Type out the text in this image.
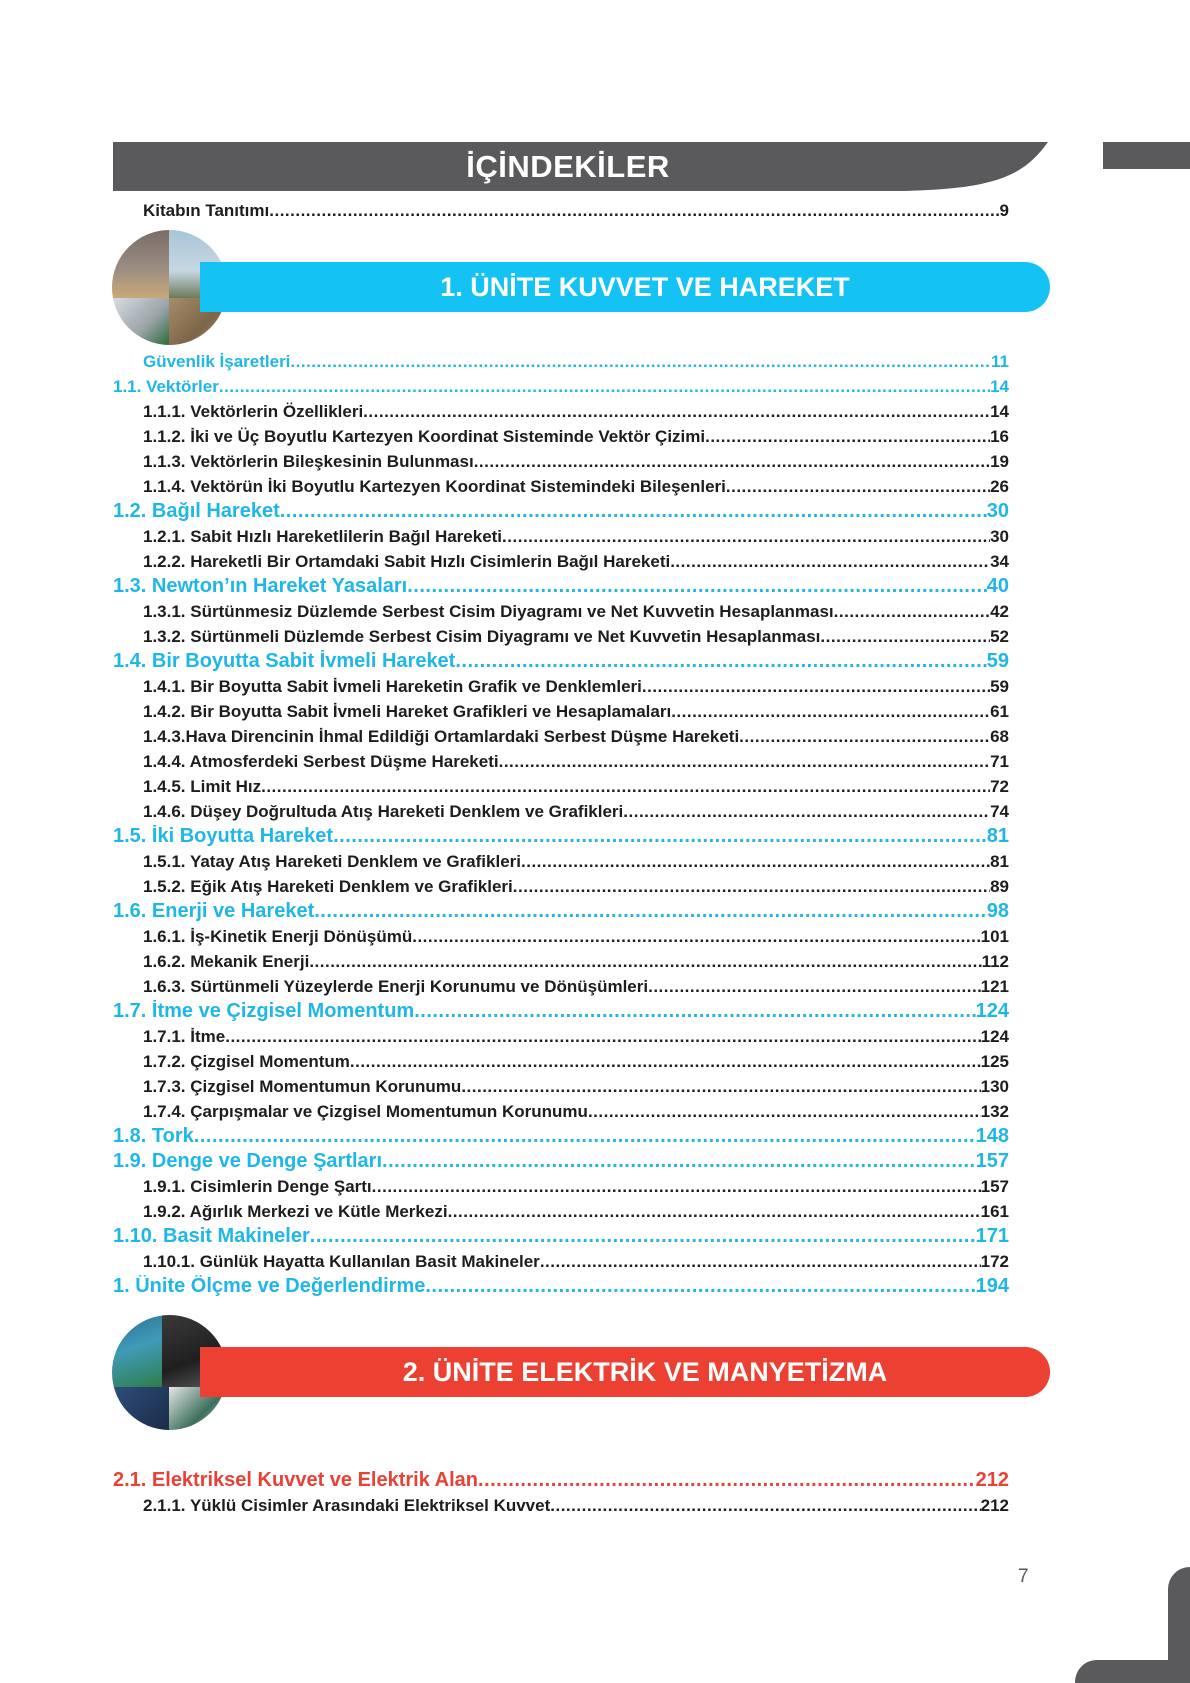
İÇİNDEKİLER
Kitabın Tanıtımı .....	9
1. ÜNİTE KUVVET VE HAREKET
Güvenlik İşaretleri .....	11
1.1. Vektörler .....	14
1.1.1. Vektörlerin Özellikleri .....	14
1.1.2. İki ve Üç Boyutlu Kartezyen Koordinat Sisteminde Vektör Çizimi .....	16
1.1.3. Vektörlerin Bileşkesinin Bulunması .....	19
1.1.4. Vektörün İki Boyutlu Kartezyen Koordinat Sistemindeki Bileşenleri .....	26
1.2. Bağıl Hareket .....	30
1.2.1. Sabit Hızlı Hareketlilerin Bağıl Hareketi .....	30
1.2.2. Hareketli Bir Ortamdaki Sabit Hızlı Cisimlerin Bağıl Hareketi .....	34
1.3. Newton’ın Hareket Yasaları .....	40
1.3.1. Sürtünmesiz Düzlemde Serbest Cisim Diyagramı ve Net Kuvvetin Hesaplanması .....	42
1.3.2. Sürtünmeli Düzlemde Serbest Cisim Diyagramı ve Net Kuvvetin Hesaplanması .....	52
1.4. Bir Boyutta Sabit İvmeli Hareket .....	59
1.4.1. Bir Boyutta Sabit İvmeli Hareketin Grafik ve Denklemleri .....	59
1.4.2. Bir Boyutta Sabit İvmeli Hareket Grafikleri ve Hesaplamaları .....	61
1.4.3.Hava Direncinin İhmal Edildiği Ortamlardaki Serbest Düşme Hareketi .....	68
1.4.4. Atmosferdeki Serbest Düşme Hareketi .....	71
1.4.5. Limit Hız .....	72
1.4.6. Düşey Doğrultuda Atış Hareketi Denklem ve Grafikleri .....	74
1.5. İki Boyutta Hareket .....	81
1.5.1. Yatay Atış Hareketi Denklem ve Grafikleri .....	81
1.5.2. Eğik Atış Hareketi Denklem ve Grafikleri .....	89
1.6. Enerji ve Hareket .....	98
1.6.1. İş-Kinetik Enerji Dönüşümü .....	101
1.6.2. Mekanik Enerji .....	112
1.6.3. Sürtünmeli Yüzeylerde Enerji Korunumu ve Dönüşümleri .....	121
1.7. İtme ve Çizgisel Momentum .....	124
1.7.1. İtme .....	124
1.7.2. Çizgisel Momentum .....	125
1.7.3. Çizgisel Momentumun Korunumu .....	130
1.7.4. Çarpışmalar ve Çizgisel Momentumun Korunumu .....	132
1.8. Tork .....	148
1.9. Denge ve Denge Şartları .....	157
1.9.1. Cisimlerin Denge Şartı .....	157
1.9.2. Ağırlık Merkezi ve Kütle Merkezi .....	161
1.10. Basit Makineler .....	171
1.10.1. Günlük Hayatta Kullanılan Basit Makineler .....	172
1. Ünite Ölçme ve Değerlendirme .....	194
2. ÜNİTE ELEKTRİK VE MANYETİZMA
2.1. Elektriksel Kuvvet ve Elektrik Alan .....	212
2.1.1. Yüklü Cisimler Arasındaki Elektriksel Kuvvet .....	212
7
